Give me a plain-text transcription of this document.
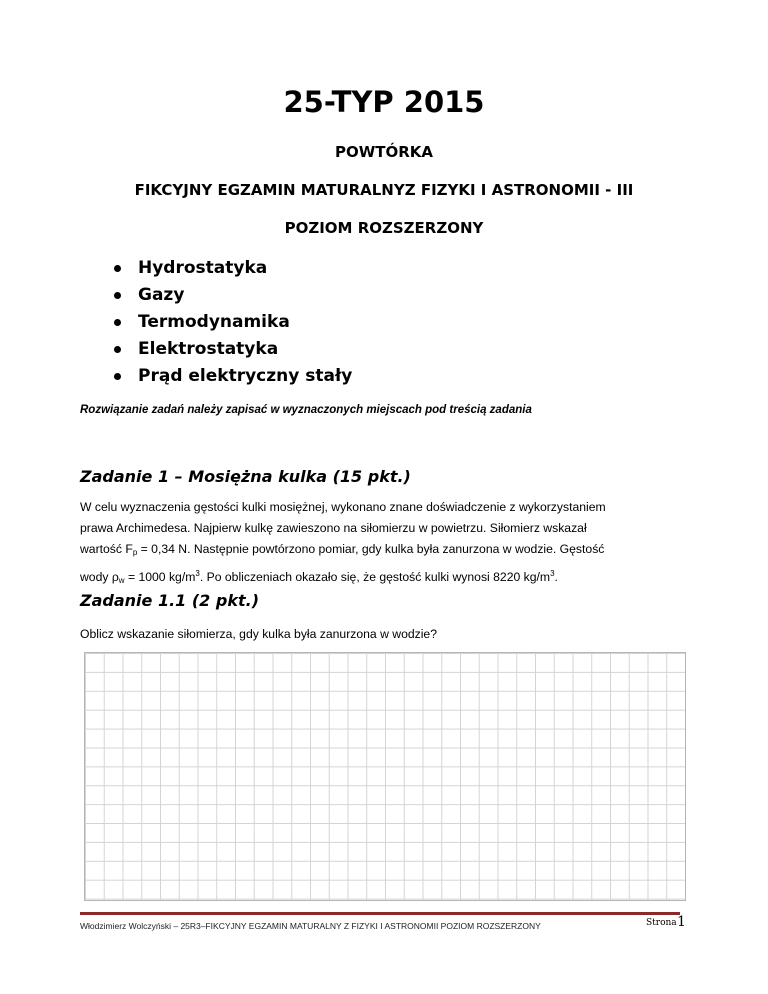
25-TYP 2015
POWTÓRKA
FIKCYJNY EGZAMIN MATURALNYZ FIZYKI I ASTRONOMII - III
POZIOM ROZSZERZONY
Hydrostatyka
Gazy
Termodynamika
Elektrostatyka
Prąd elektryczny stały
Rozwiązanie zadań należy zapisać w wyznaczonych miejscach pod treścią zadania
Zadanie 1 – Mosiężna kulka (15 pkt.)
W celu wyznaczenia gęstości kulki mosiężnej, wykonano znane doświadczenie z wykorzystaniem
prawa Archimedesa. Najpierw kulkę zawieszono na siłomierzu w powietrzu. Siłomierz wskazał
wartość $F_p = 0,34$ N. Następnie powtórzono pomiar, gdy kulka była zanurzona w wodzie. Gęstość
wody $\rho_w = 1000$ $kg/m^3$. Po obliczeniach okazało się, że gęstość kulki wynosi 8220 $kg/m^3$.
Zadanie 1.1 (2 pkt.)
Oblicz wskazanie siłomierza, gdy kulka była zanurzona w wodzie?
Włodzimierz Wolczyński – 25R3–FIKCYJNY EGZAMIN MATURALNY Z FIZYKI I ASTRONOMII POZIOM ROZSZERZONY	Strona 1
